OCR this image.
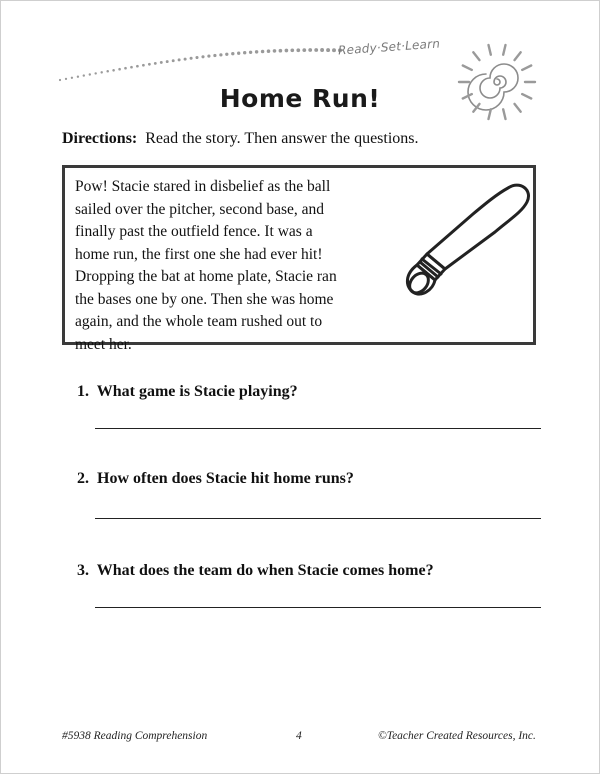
Ready·Set·Learn
Home Run!
Directions: Read the story. Then answer the questions.
Pow! Stacie stared in disbelief as the ball
sailed over the pitcher, second base, and
finally past the outfield fence. It was a
home run, the first one she had ever hit!
Dropping the bat at home plate, Stacie ran
the bases one by one. Then she was home
again, and the whole team rushed out to
meet her.
1. What game is Stacie playing?
2. How often does Stacie hit home runs?
3. What does the team do when Stacie comes home?
#5938 Reading Comprehension	4	©Teacher Created Resources, Inc.
